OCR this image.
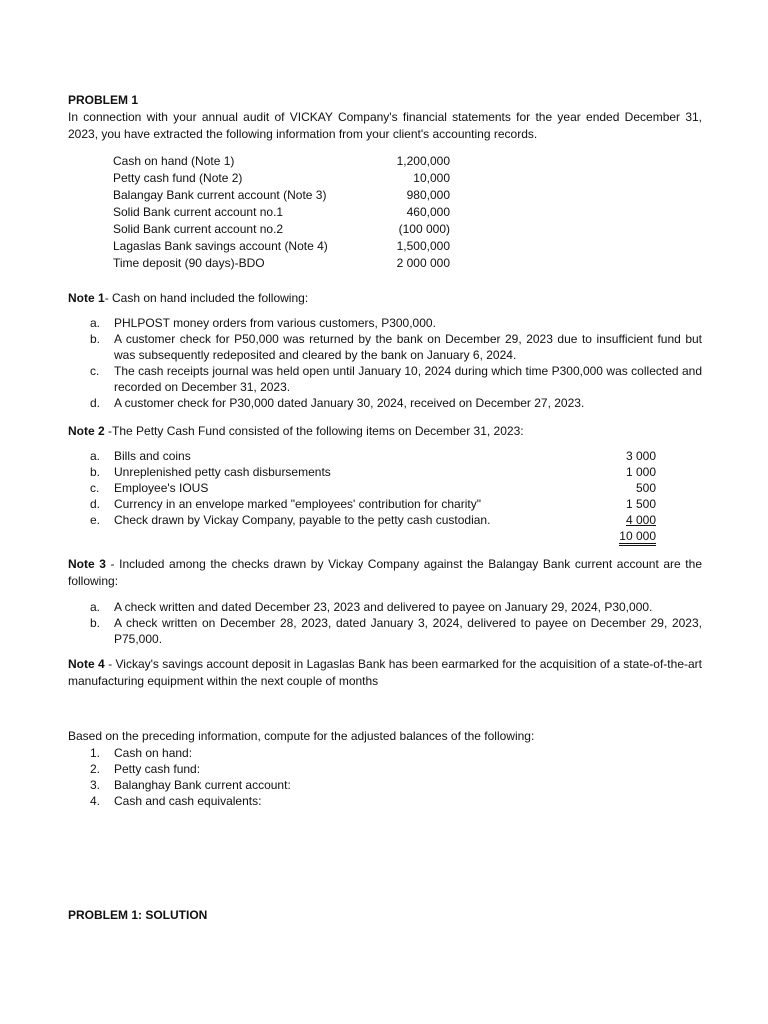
PROBLEM 1
In connection with your annual audit of VICKAY Company's financial statements for the year ended December 31, 2023, you have extracted the following information from your client's accounting records.
Cash on hand (Note 1)	1,200,000
Petty cash fund (Note 2)	10,000
Balangay Bank current account (Note 3)	980,000
Solid Bank current account no.1	460,000
Solid Bank current account no.2	(100 000)
Lagaslas Bank savings account (Note 4)	1,500,000
Time deposit (90 days)-BDO	2 000 000
Note 1- Cash on hand included the following:
a.	PHLPOST money orders from various customers, P300,000.
b.	A customer check for P50,000 was returned by the bank on December 29, 2023 due to insufficient fund but was subsequently redeposited and cleared by the bank on January 6, 2024.
c.	The cash receipts journal was held open until January 10, 2024 during which time P300,000 was collected and recorded on December 31, 2023.
d.	A customer check for P30,000 dated January 30, 2024, received on December 27, 2023.
Note 2 -The Petty Cash Fund consisted of the following items on December 31, 2023:
a.	Bills and coins	3 000
b.	Unreplenished petty cash disbursements	1 000
c.	Employee's IOUS	500
d.	Currency in an envelope marked "employees' contribution for charity"	1 500
e.	Check drawn by Vickay Company, payable to the petty cash custodian.	4 000
10 000
Note 3 - Included among the checks drawn by Vickay Company against the Balangay Bank current account are the following:
a.	A check written and dated December 23, 2023 and delivered to payee on January 29, 2024, P30,000.
b.	A check written on December 28, 2023, dated January 3, 2024, delivered to payee on December 29, 2023, P75,000.
Note 4 - Vickay's savings account deposit in Lagaslas Bank has been earmarked for the acquisition of a state-of-the-art manufacturing equipment within the next couple of months
Based on the preceding information, compute for the adjusted balances of the following:
1.	Cash on hand:
2.	Petty cash fund:
3.	Balanghay Bank current account:
4.	Cash and cash equivalents:
PROBLEM 1: SOLUTION
